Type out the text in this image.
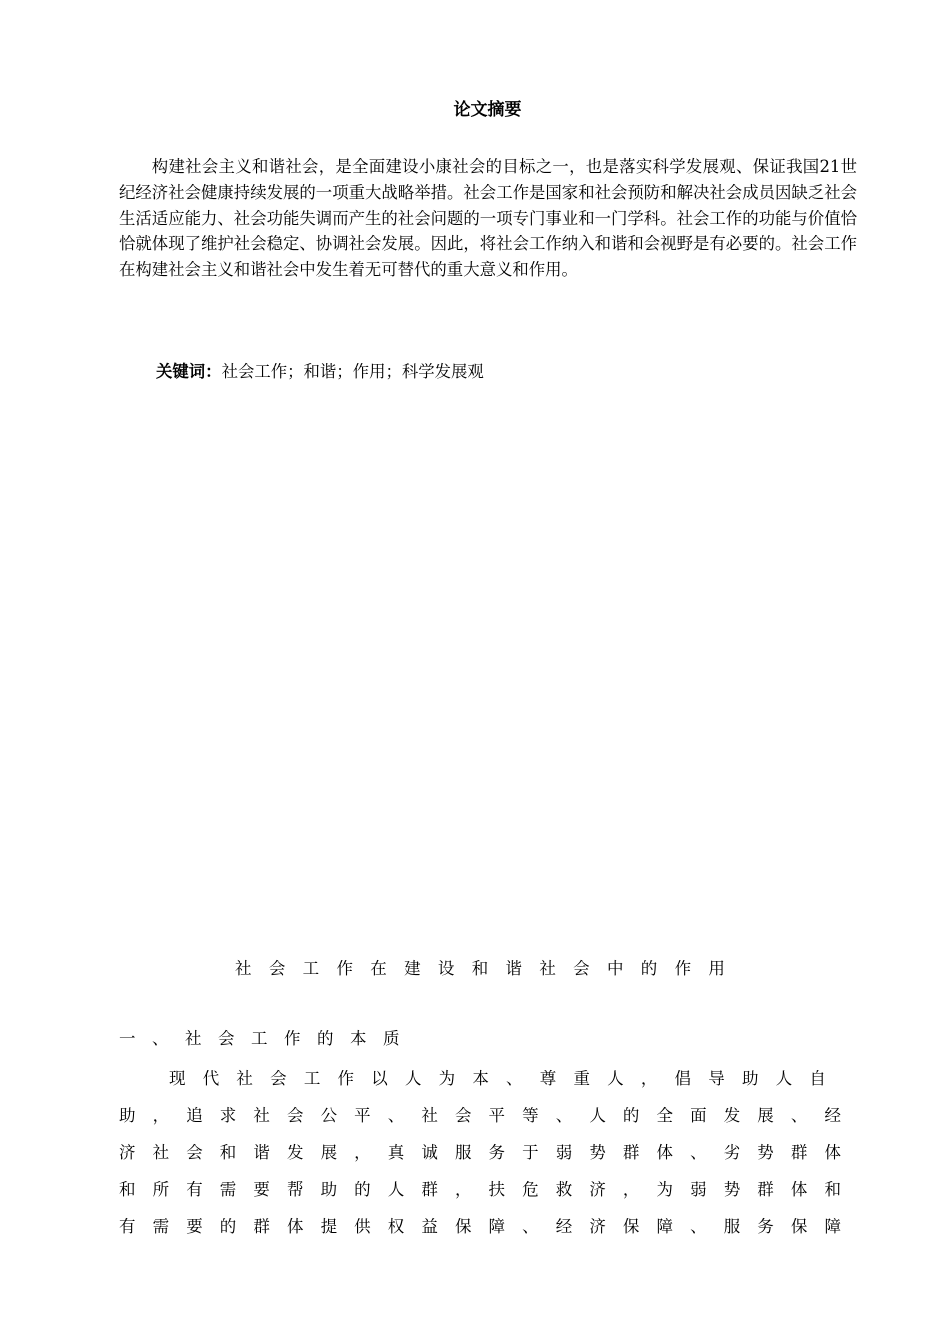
论文摘要

构建社会主义和谐社会，是全面建设小康社会的目标之一，也是落实科学发展观、保证我国21世纪经济社会健康持续发展的一项重大战略举措。社会工作是国家和社会预防和解决社会成员因缺乏社会生活适应能力、社会功能失调而产生的社会问题的一项专门事业和一门学科。社会工作的功能与价值恰恰就体现了维护社会稳定、协调社会发展。因此，将社会工作纳入和谐和会视野是有必要的。社会工作在构建社会主义和谐社会中发生着无可替代的重大意义和作用。

关键词：社会工作；和谐；作用；科学发展观
社 会 工 作 在 建 设 和 谐 社 会 中 的 作 用
一、社会工作的本质
现 代 社 会 工 作 以 人 为 本 、 尊 重 人 ， 倡 导 助 人 自
助 ， 追 求 社 会 公 平 、 社 会 平 等 、 人 的 全 面 发 展 、 经
济 社 会 和 谐 发 展 ， 真 诚 服 务 于 弱 势 群 体 、 劣 势 群 体
和 所 有 需 要 帮 助 的 人 群 ， 扶 危 救 济 ， 为 弱 势 群 体 和
有 需 要 的 群 体 提 供 权 益 保 障 、 经 济 保 障 、 服 务 保 障
